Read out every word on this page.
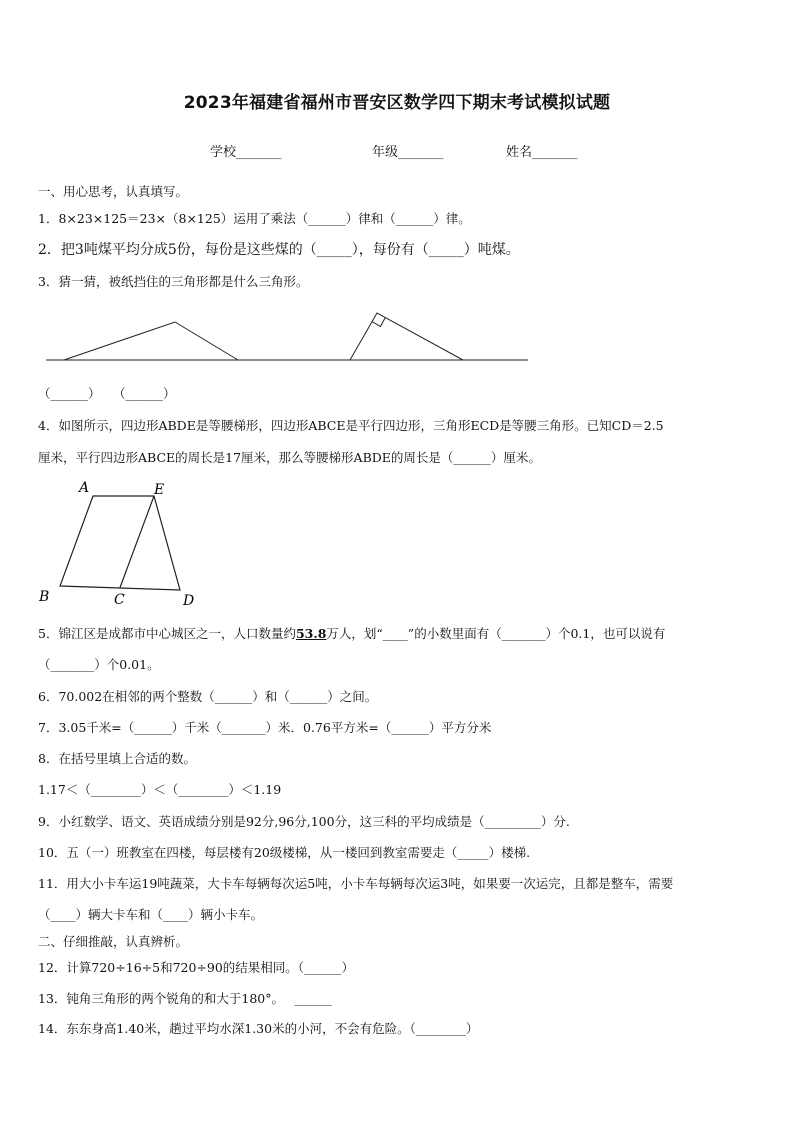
2023年福建省福州市晋安区数学四下期末考试模拟试题
学校_______	年级_______	姓名_______
一、用心思考，认真填写。
1．8×23×125＝23×（8×125）运用了乘法（______）律和（______）律。
2．把3吨煤平均分成5份，每份是这些煤的（_____），每份有（_____）吨煤。
3．猜一猜，被纸挡住的三角形都是什么三角形。
（______）　　（______）
4．如图所示，四边形ABDE是等腰梯形，四边形ABCE是平行四边形，三角形ECD是等腰三角形。已知CD＝2.5
厘米，平行四边形ABCE的周长是17厘米，那么等腰梯形ABDE的周长是（______）厘米。
A	E
B	C	D
5．锦江区是成都市中心城区之一，人口数量约53.8万人，划“____”的小数里面有（_______）个0.1，也可以说有
（_______）个0.01。
6．70.002在相邻的两个整数（______）和（______）之间。
7．3.05千米=（______）千米（_______）米．0.76平方米=（______）平方分米
8．在括号里填上合适的数。
1.17＜（________）＜（________）＜1.19
9．小红数学、语文、英语成绩分别是92分,96分,100分，这三科的平均成绩是（_________）分.
10．五（一）班教室在四楼，每层楼有20级楼梯，从一楼回到教室需要走（_____）楼梯.
11．用大小卡车运19吨蔬菜，大卡车每辆每次运5吨，小卡车每辆每次运3吨，如果要一次运完，且都是整车，需要
（____）辆大卡车和（____）辆小卡车。
二、仔细推敲，认真辨析。
12．计算720÷16÷5和720÷90的结果相同。（______）
13．钝角三角形的两个锐角的和大于180°。　 ______
14．东东身高1.40米，趟过平均水深1.30米的小河，不会有危险。（________）
